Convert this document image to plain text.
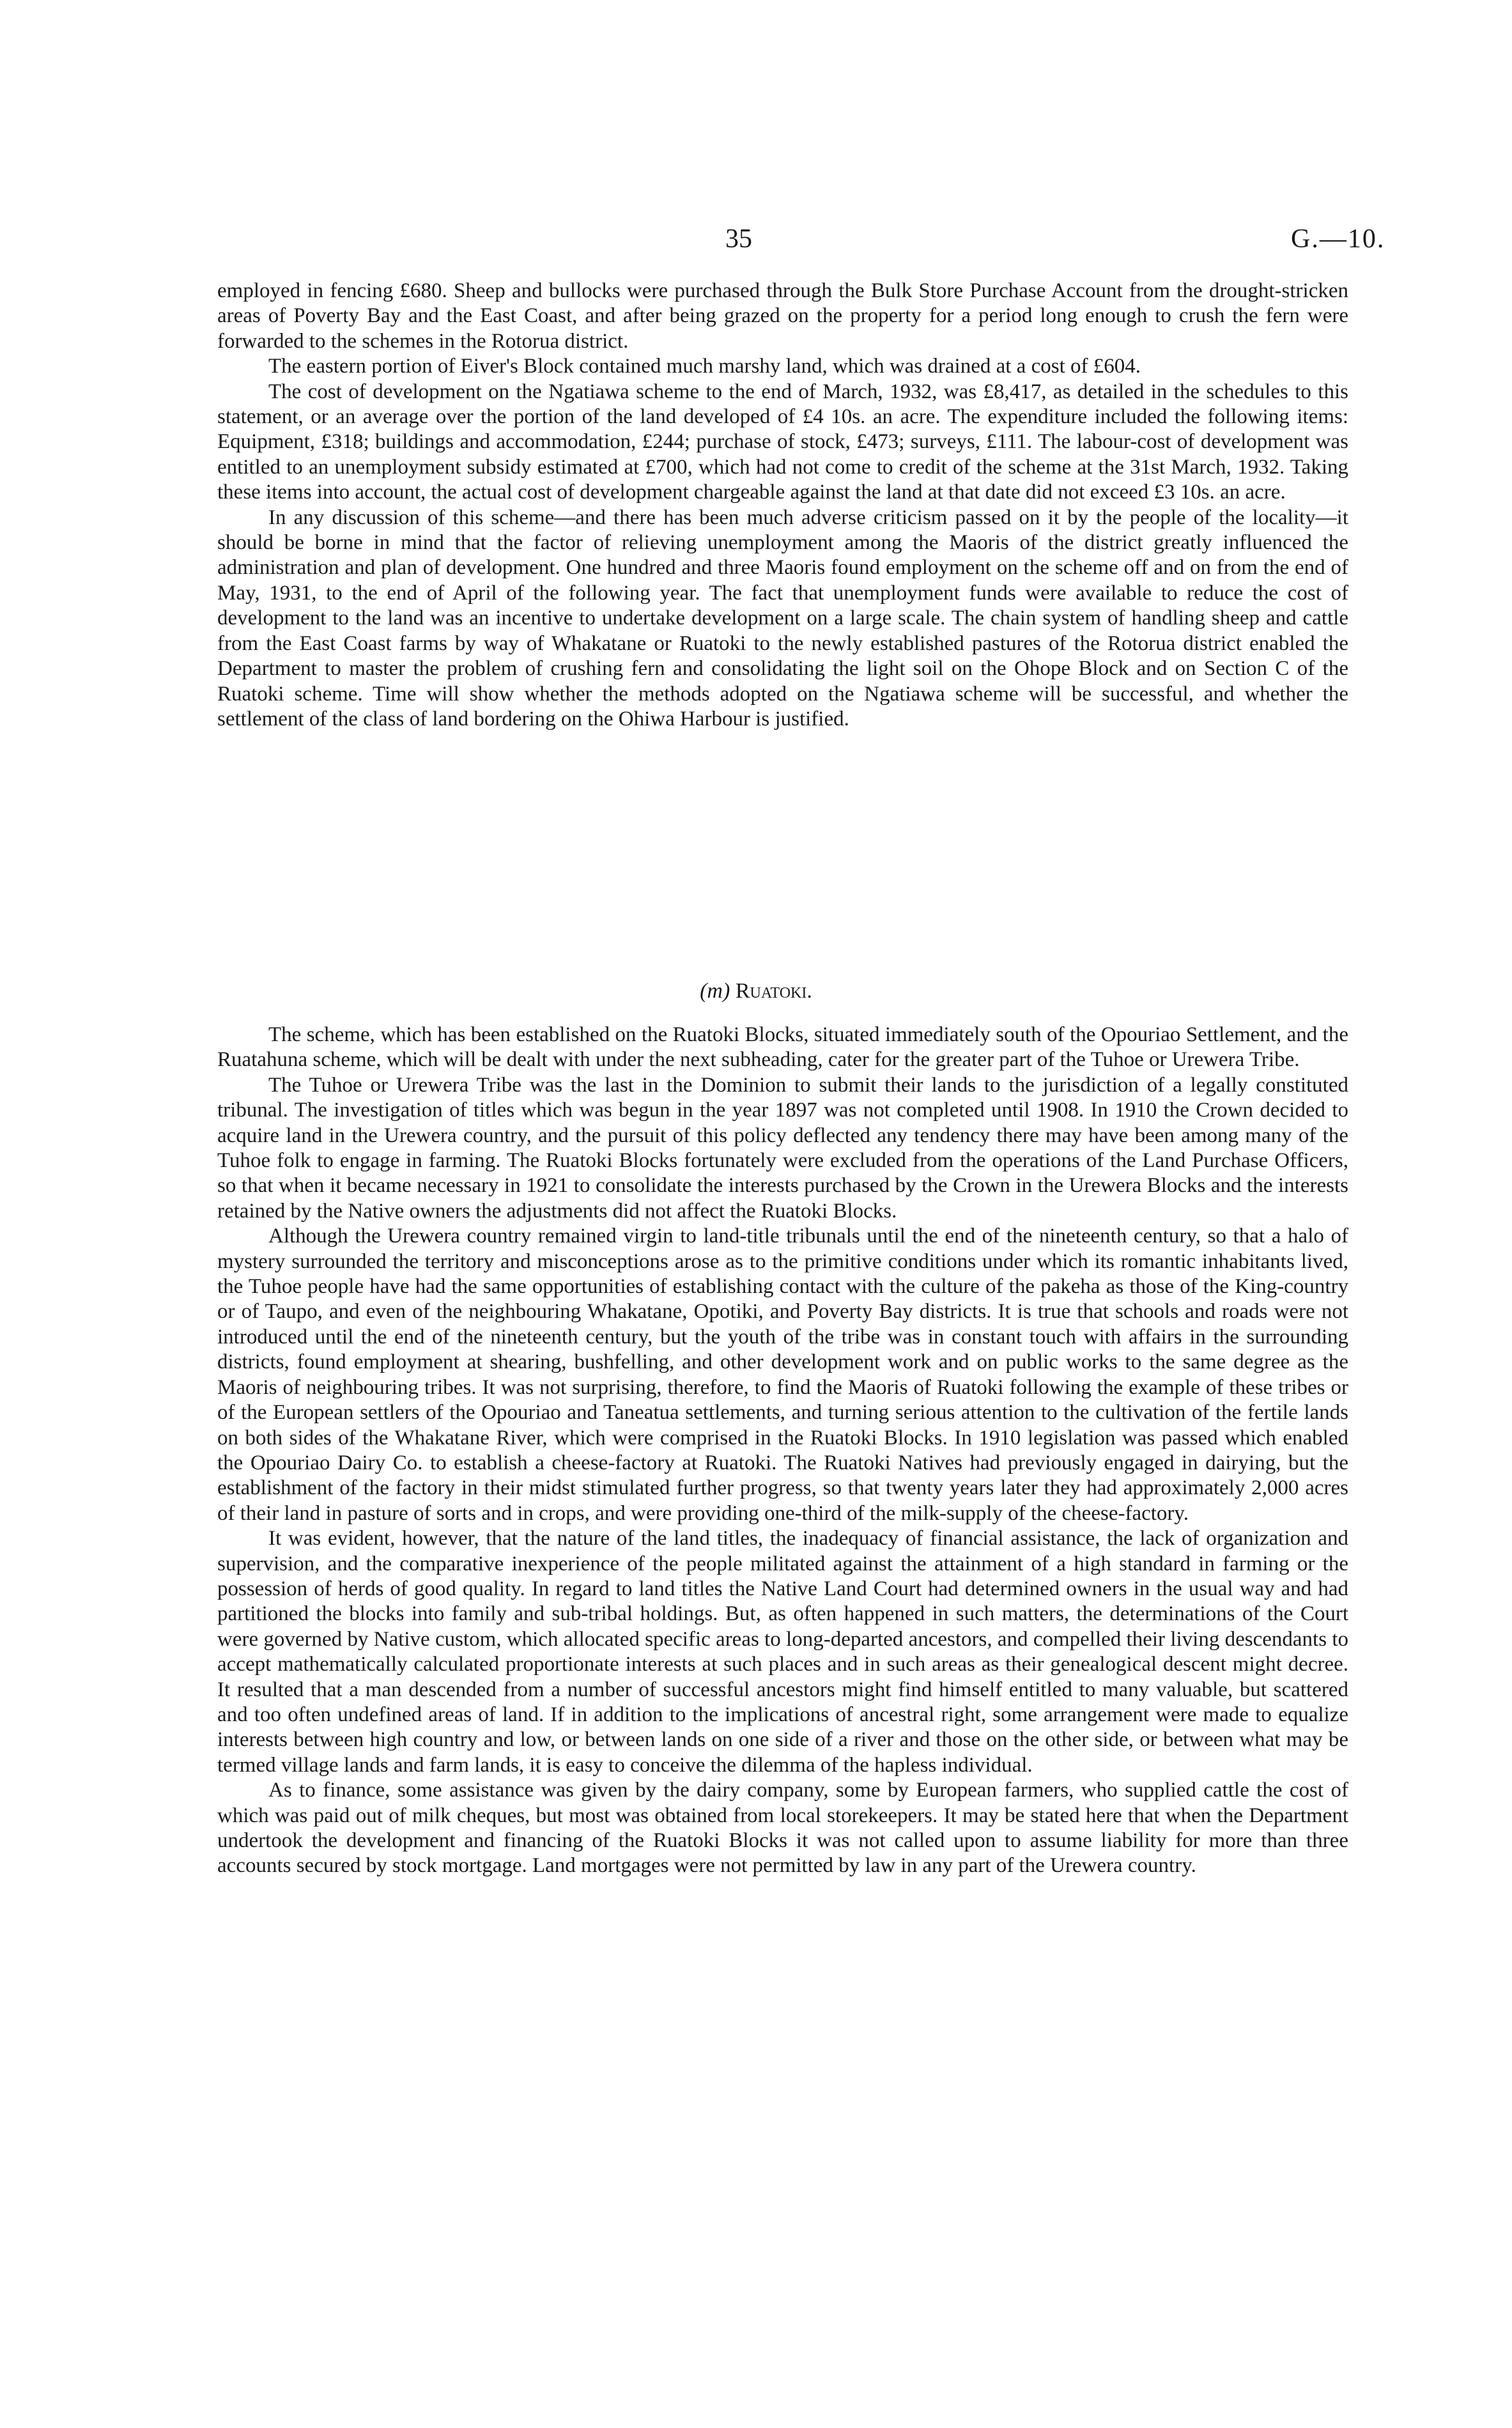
35	G.—10.

employed in fencing £680. Sheep and bullocks were purchased through the Bulk Store Purchase Account from the drought-stricken areas of Poverty Bay and the East Coast, and after being grazed on the property for a period long enough to crush the fern were forwarded to the schemes in the Rotorua district.

The eastern portion of Eiver's Block contained much marshy land, which was drained at a cost of £604.

The cost of development on the Ngatiawa scheme to the end of March, 1932, was £8,417, as detailed in the schedules to this statement, or an average over the portion of the land developed of £4 10s. an acre. The expenditure included the following items: Equipment, £318; buildings and accommodation, £244; purchase of stock, £473; surveys, £111. The labour-cost of development was entitled to an unemployment subsidy estimated at £700, which had not come to credit of the scheme at the 31st March, 1932. Taking these items into account, the actual cost of development chargeable against the land at that date did not exceed £3 10s. an acre.

In any discussion of this scheme—and there has been much adverse criticism passed on it by the people of the locality—it should be borne in mind that the factor of relieving unemployment among the Maoris of the district greatly influenced the administration and plan of development. One hundred and three Maoris found employment on the scheme off and on from the end of May, 1931, to the end of April of the following year. The fact that unemployment funds were available to reduce the cost of development to the land was an incentive to undertake development on a large scale. The chain system of handling sheep and cattle from the East Coast farms by way of Whakatane or Ruatoki to the newly established pastures of the Rotorua district enabled the Department to master the problem of crushing fern and consolidating the light soil on the Ohope Block and on Section C of the Ruatoki scheme. Time will show whether the methods adopted on the Ngatiawa scheme will be successful, and whether the settlement of the class of land bordering on the Ohiwa Harbour is justified.

(m) Ruatoki.

The scheme, which has been established on the Ruatoki Blocks, situated immediately south of the Opouriao Settlement, and the Ruatahuna scheme, which will be dealt with under the next subheading, cater for the greater part of the Tuhoe or Urewera Tribe.

The Tuhoe or Urewera Tribe was the last in the Dominion to submit their lands to the jurisdiction of a legally constituted tribunal. The investigation of titles which was begun in the year 1897 was not completed until 1908. In 1910 the Crown decided to acquire land in the Urewera country, and the pursuit of this policy deflected any tendency there may have been among many of the Tuhoe folk to engage in farming. The Ruatoki Blocks fortunately were excluded from the operations of the Land Purchase Officers, so that when it became necessary in 1921 to consolidate the interests purchased by the Crown in the Urewera Blocks and the interests retained by the Native owners the adjustments did not affect the Ruatoki Blocks.

Although the Urewera country remained virgin to land-title tribunals until the end of the nineteenth century, so that a halo of mystery surrounded the territory and misconceptions arose as to the primitive conditions under which its romantic inhabitants lived, the Tuhoe people have had the same opportunities of establishing contact with the culture of the pakeha as those of the King-country or of Taupo, and even of the neighbouring Whakatane, Opotiki, and Poverty Bay districts. It is true that schools and roads were not introduced until the end of the nineteenth century, but the youth of the tribe was in constant touch with affairs in the surrounding districts, found employment at shearing, bushfelling, and other development work and on public works to the same degree as the Maoris of neighbouring tribes. It was not surprising, therefore, to find the Maoris of Ruatoki following the example of these tribes or of the European settlers of the Opouriao and Taneatua settlements, and turning serious attention to the cultivation of the fertile lands on both sides of the Whakatane River, which were comprised in the Ruatoki Blocks. In 1910 legislation was passed which enabled the Opouriao Dairy Co. to establish a cheese-factory at Ruatoki. The Ruatoki Natives had previously engaged in dairying, but the establishment of the factory in their midst stimulated further progress, so that twenty years later they had approximately 2,000 acres of their land in pasture of sorts and in crops, and were providing one-third of the milk-supply of the cheese-factory.

It was evident, however, that the nature of the land titles, the inadequacy of financial assistance, the lack of organization and supervision, and the comparative inexperience of the people militated against the attainment of a high standard in farming or the possession of herds of good quality. In regard to land titles the Native Land Court had determined owners in the usual way and had partitioned the blocks into family and sub-tribal holdings. But, as often happened in such matters, the determinations of the Court were governed by Native custom, which allocated specific areas to long-departed ancestors, and compelled their living descendants to accept mathematically calculated proportionate interests at such places and in such areas as their genealogical descent might decree. It resulted that a man descended from a number of successful ancestors might find himself entitled to many valuable, but scattered and too often undefined areas of land. If in addition to the implications of ancestral right, some arrangement were made to equalize interests between high country and low, or between lands on one side of a river and those on the other side, or between what may be termed village lands and farm lands, it is easy to conceive the dilemma of the hapless individual.

As to finance, some assistance was given by the dairy company, some by European farmers, who supplied cattle the cost of which was paid out of milk cheques, but most was obtained from local storekeepers. It may be stated here that when the Department undertook the development and financing of the Ruatoki Blocks it was not called upon to assume liability for more than three accounts secured by stock mortgage. Land mortgages were not permitted by law in any part of the Urewera country.
